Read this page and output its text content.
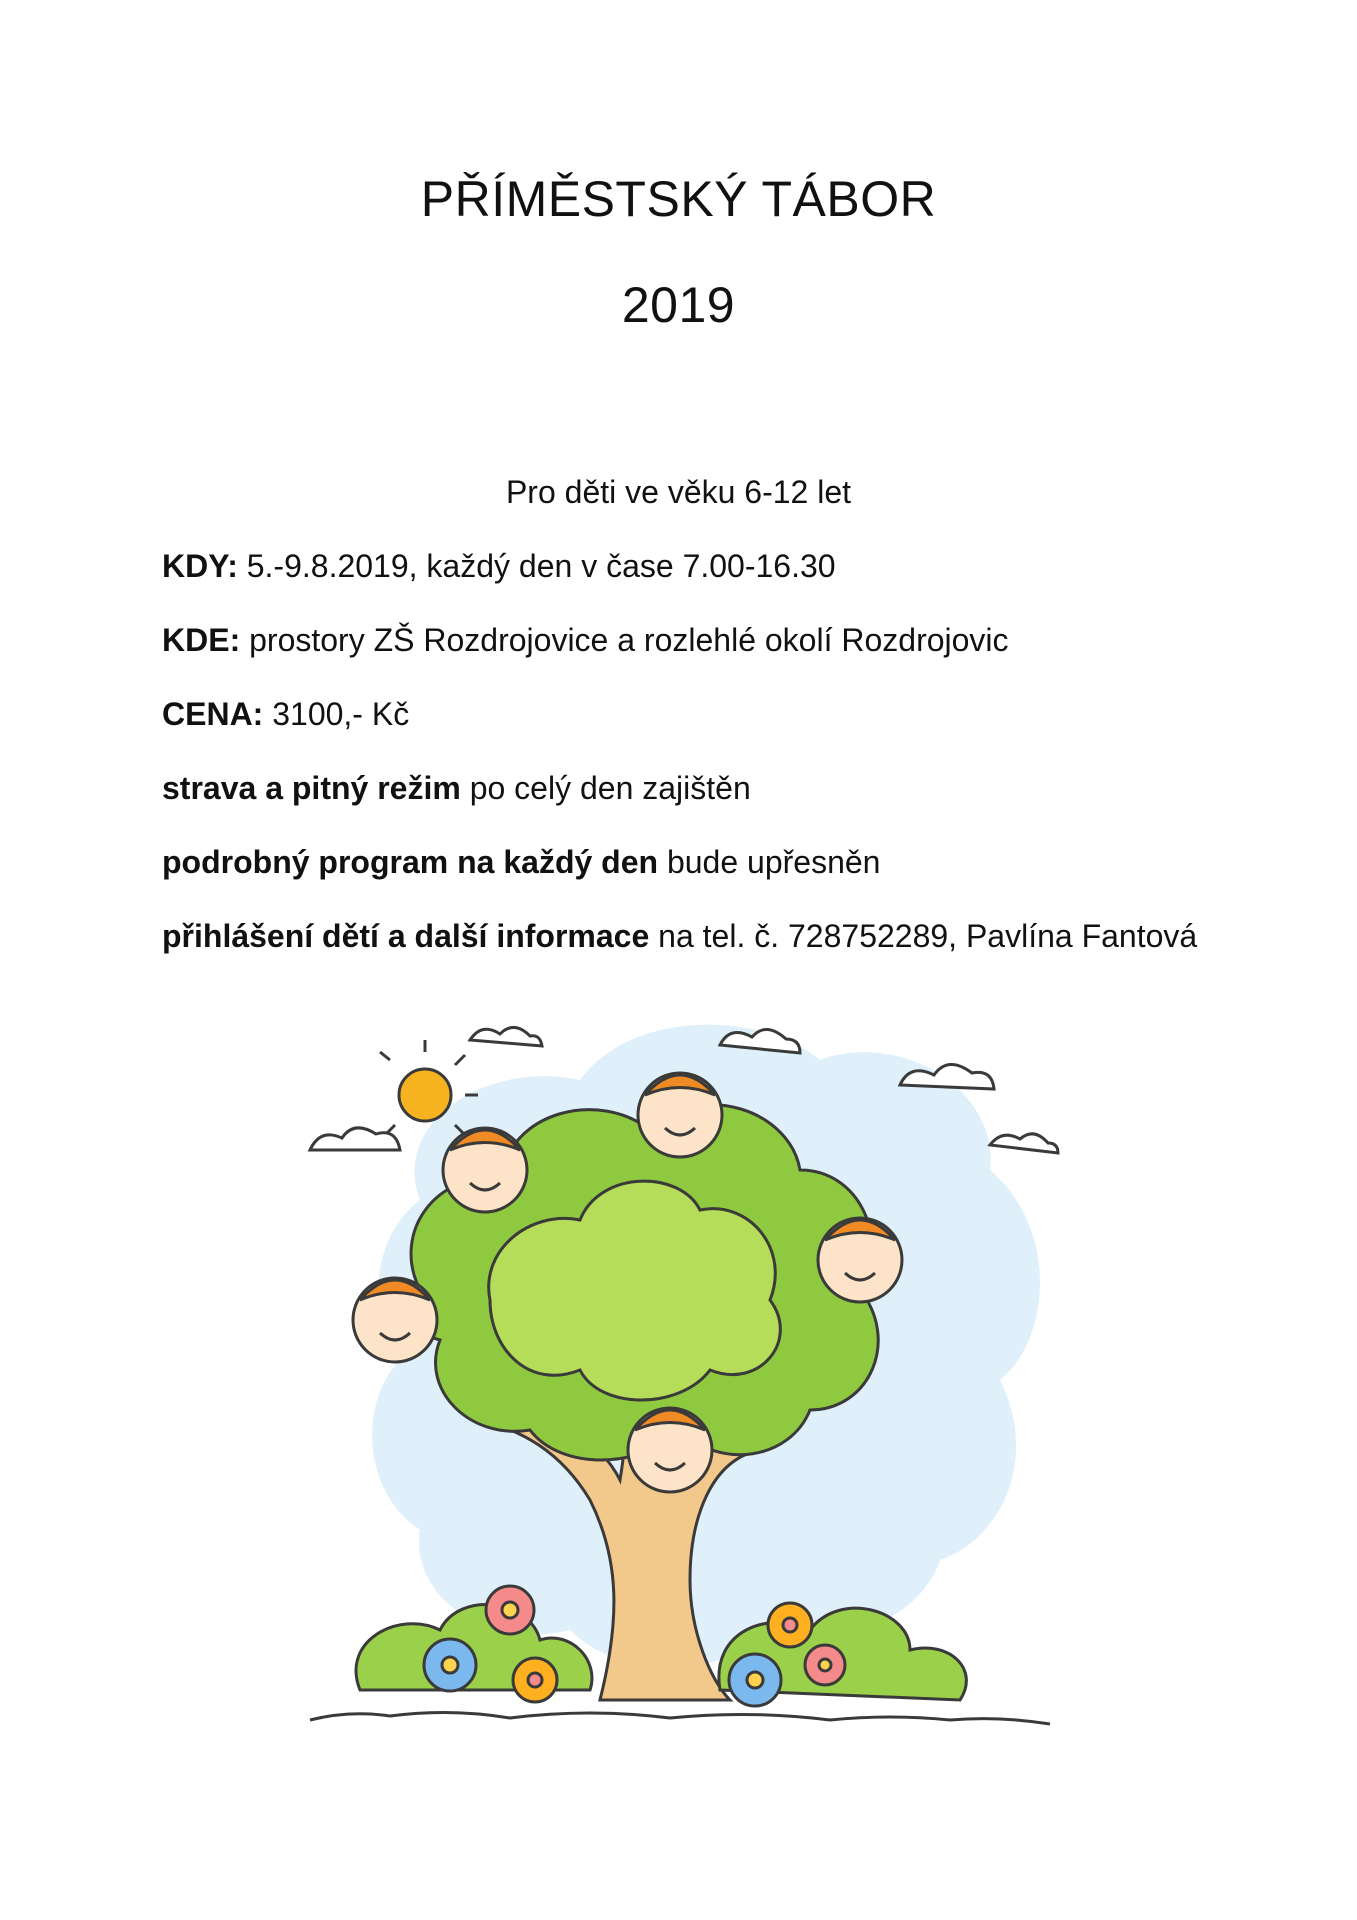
PŘÍMĚSTSKÝ TÁBOR
2019
Pro děti ve věku 6-12 let
KDY: 5.-9.8.2019, každý den v čase 7.00-16.30
KDE: prostory ZŠ Rozdrojovice a rozlehlé okolí Rozdrojovic
CENA: 3100,- Kč
strava a pitný režim po celý den zajištěn
podrobný program na každý den bude upřesněn
přihlášení dětí a další informace na tel. č. 728752289, Pavlína Fantová
